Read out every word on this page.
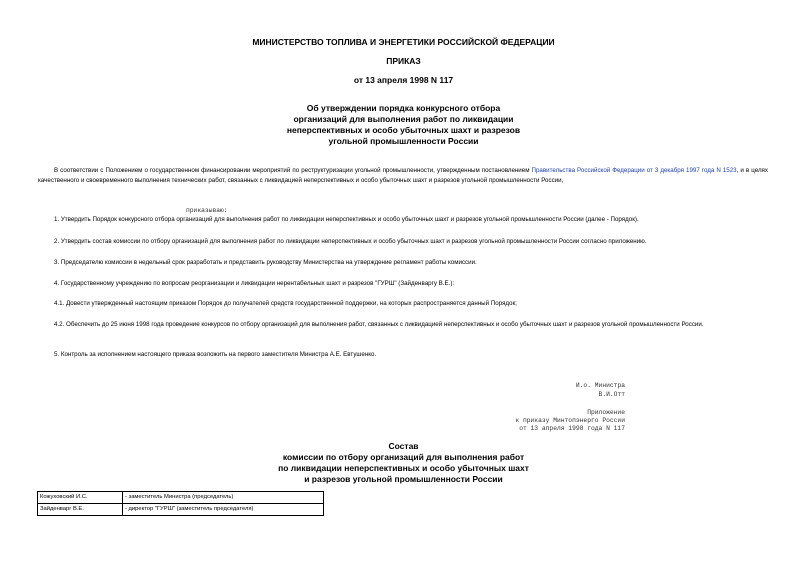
МИНИСТЕРСТВО ТОПЛИВА И ЭНЕРГЕТИКИ РОССИЙСКОЙ ФЕДЕРАЦИИ
ПРИКАЗ
от 13 апреля 1998 N 117
Об утверждении порядка конкурсного отбора
организаций для выполнения работ по ликвидации
неперспективных и особо убыточных шахт и разрезов
угольной промышленности России
В соответствии с Положением о государственном финансировании мероприятий по реструктуризации угольной промышленности, утвержденным постановлением Правительства Российской Федерации от 3 декабря 1997 года N 1523, и в целях качественного и своевременного выполнения технических работ, связанных с ликвидацией неперспективных и особо убыточных шахт и разрезов угольной промышленности России,
приказываю:
1. Утвердить Порядок конкурсного отбора организаций для выполнения работ по ликвидации неперспективных и особо убыточных шахт и разрезов угольной промышленности России (далее - Порядок).
2. Утвердить состав комиссии по отбору организаций для выполнения работ по ликвидации неперспективных и особо убыточных шахт и разрезов угольной промышленности России согласно приложению.
3. Председателю комиссии в недельный срок разработать и представить руководству Министерства на утверждение регламент работы комиссии.
4. Государственному учреждению по вопросам реорганизации и ликвидации нерентабельных шахт и разрезов "ГУРШ" (Зайденваргу В.Е.):
4.1. Довести утвержденный настоящим приказом Порядок до получателей средств государственной поддержки, на которых распространяется данный Порядок;
4.2. Обеспечить до 25 июня 1998 года проведение конкурсов по отбору организаций для выполнения работ, связанных с ликвидацией неперспективных и особо убыточных шахт и разрезов угольной промышленности России.
5. Контроль за исполнением настоящего приказа возложить на первого заместителя Министра А.Е. Евтушенко.
И.о. Министра
В.И.Отт
Приложение
к приказу Минтопэнерго России
от 13 апреля 1998 года N 117
Состав
комиссии по отбору организаций для выполнения работ
по ликвидации неперспективных и особо убыточных шахт
и разрезов угольной промышленности России
Кожуховский И.С.	- заместитель Министра (председатель)
Зайденварг В.Е.	- директор "ГУРШ" (заместитель председателя)
